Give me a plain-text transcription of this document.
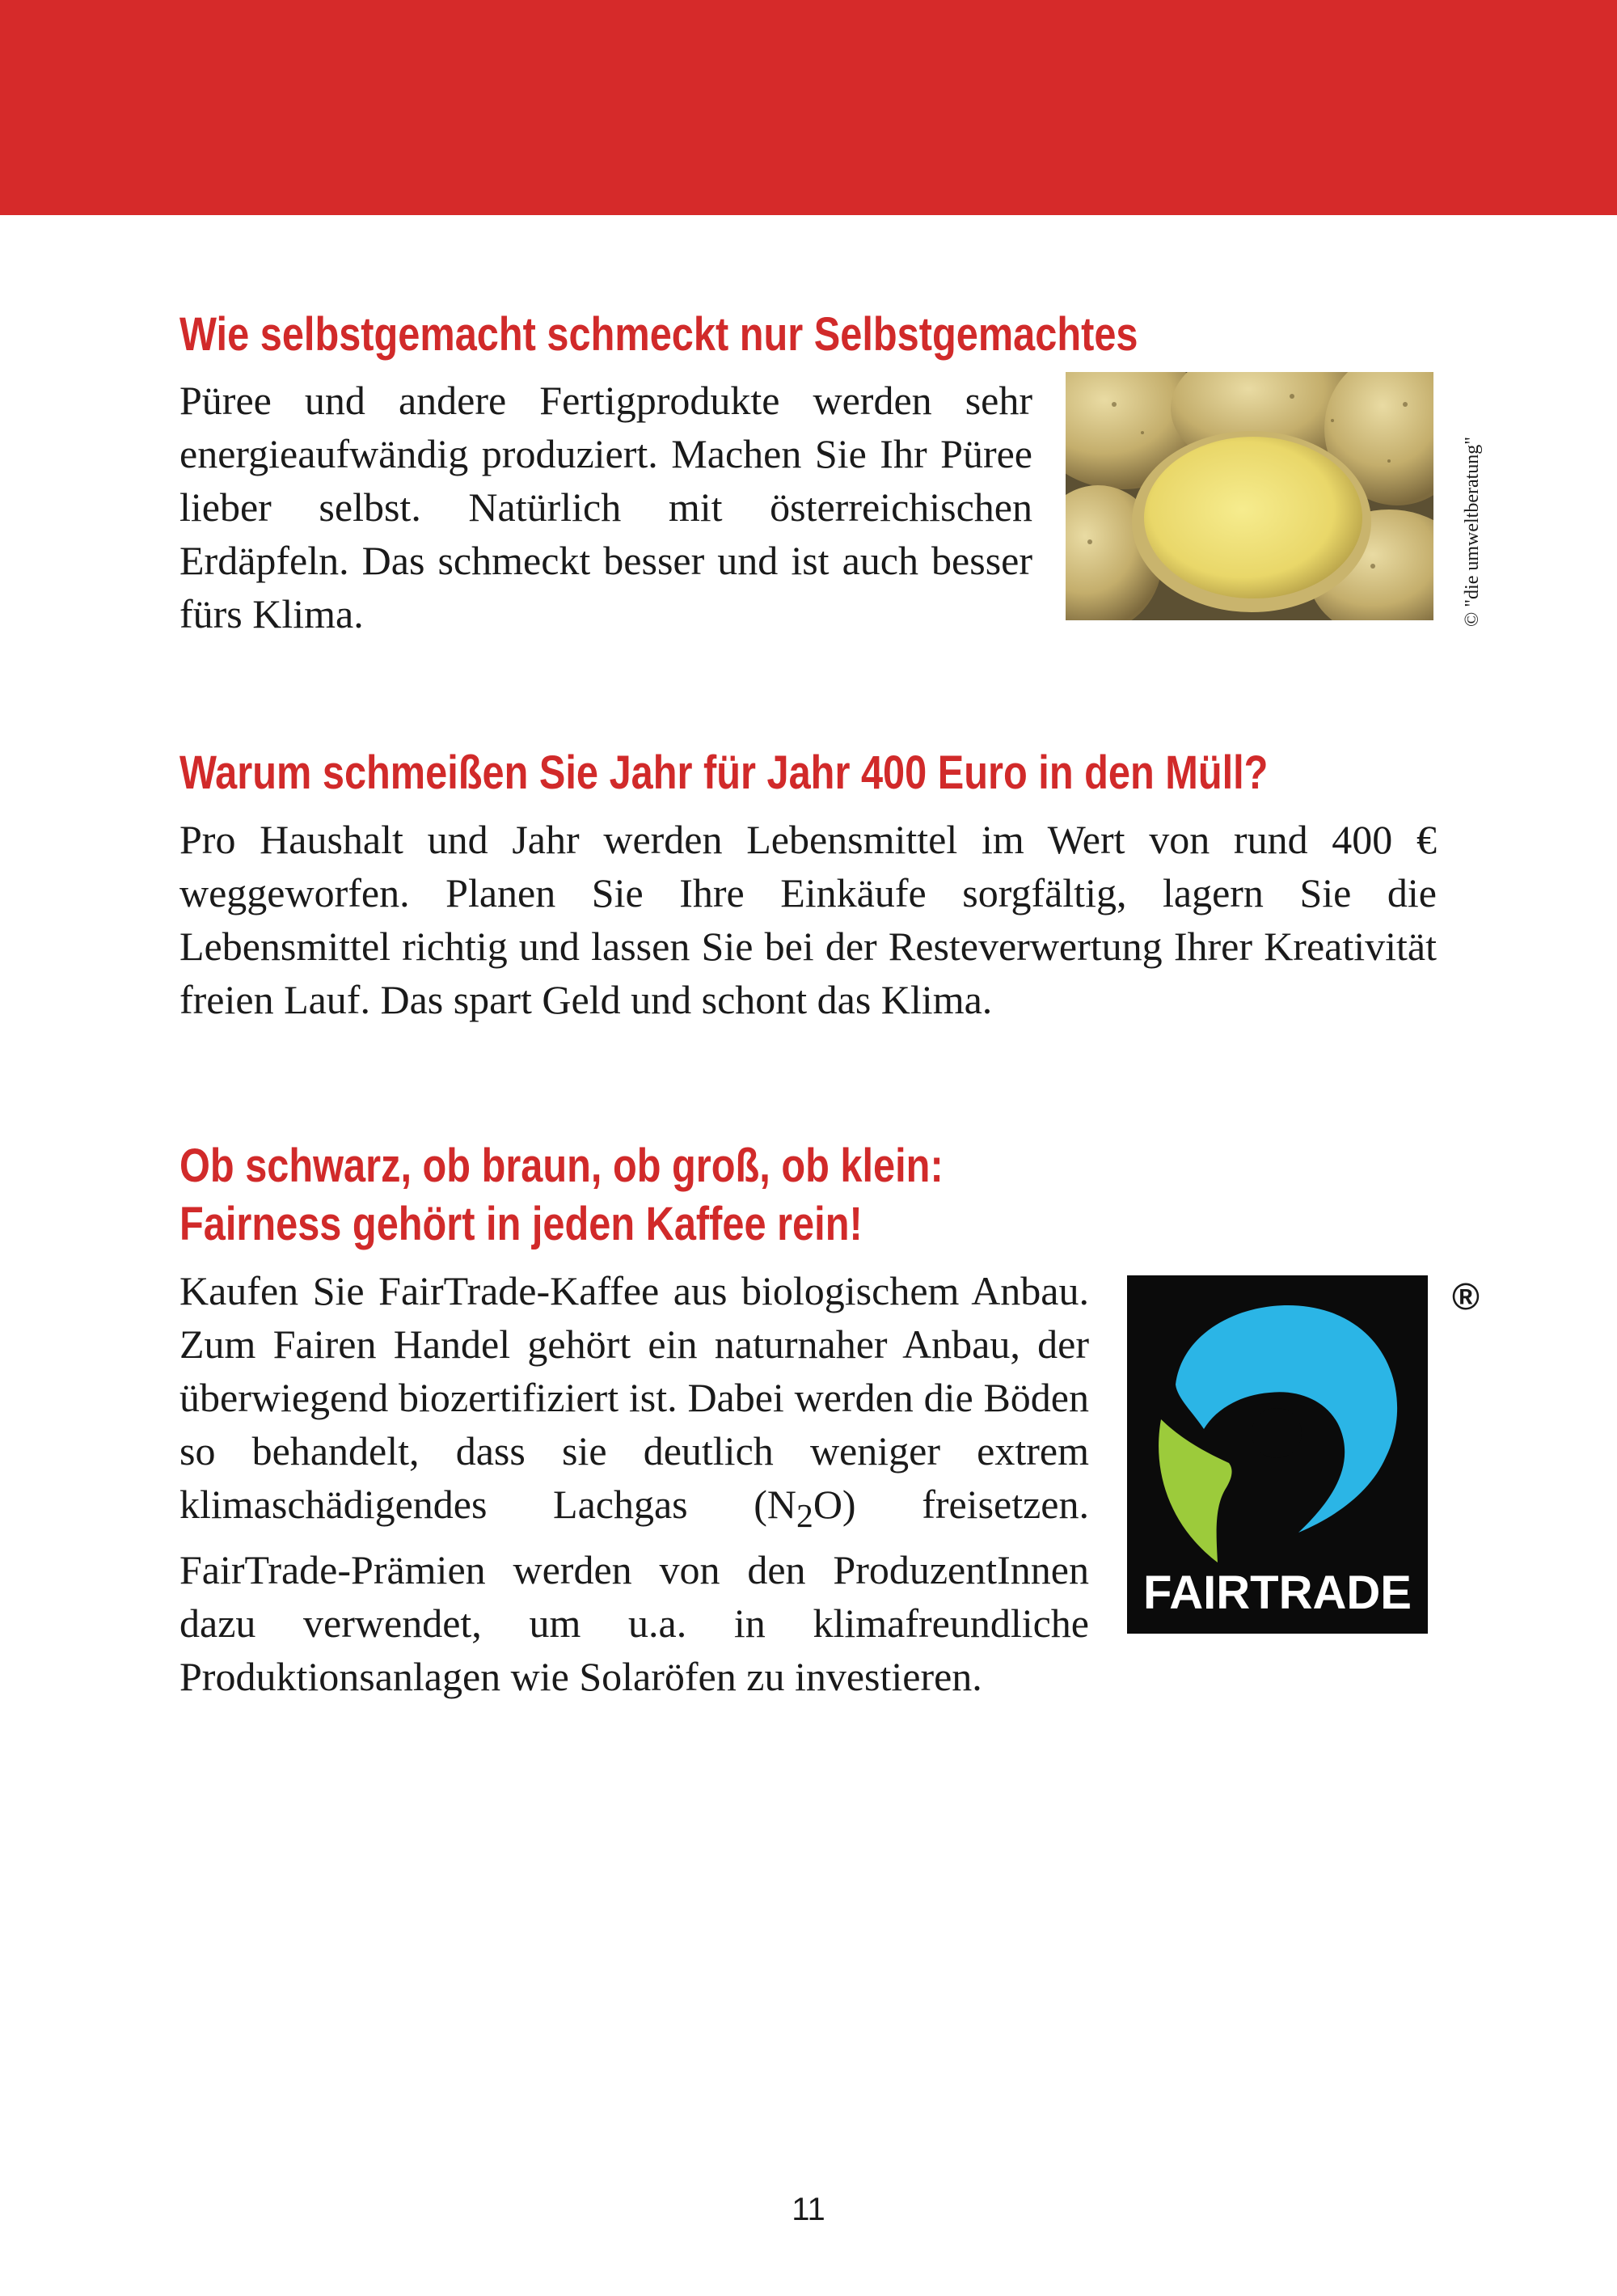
Wie selbstgemacht schmeckt nur Selbstgemachtes

Püree und andere Fertigprodukte werden sehr energieaufwändig produziert. Machen Sie Ihr Püree lieber selbst. Natürlich mit österreichischen Erdäpfeln. Das schmeckt besser und ist auch besser fürs Klima.	© "die umweltberatung"
Warum schmeißen Sie Jahr für Jahr 400 Euro in den Müll?

Pro Haushalt und Jahr werden Lebensmittel im Wert von rund 400 € weggeworfen. Planen Sie Ihre Einkäufe sorgfältig, lagern Sie die Lebensmittel richtig und lassen Sie bei der Resteverwertung Ihrer Kreativität freien Lauf. Das spart Geld und schont das Klima.

Ob schwarz, ob braun, ob groß, ob klein:
Fairness gehört in jeden Kaffee rein!

Kaufen Sie FairTrade-Kaffee aus biologischem Anbau. Zum Fairen Handel gehört ein naturnaher Anbau, der überwiegend biozertifiziert ist. Dabei werden die Böden so behandelt, dass sie deutlich weniger extrem klimaschädigendes Lachgas $(N_2O)$ freisetzen. FairTrade-Prämien werden von den ProduzentInnen dazu verwendet, um u.a. in klimafreundliche Produktionsanlagen wie Solaröfen zu investieren.

FAIRTRADE
®
11
